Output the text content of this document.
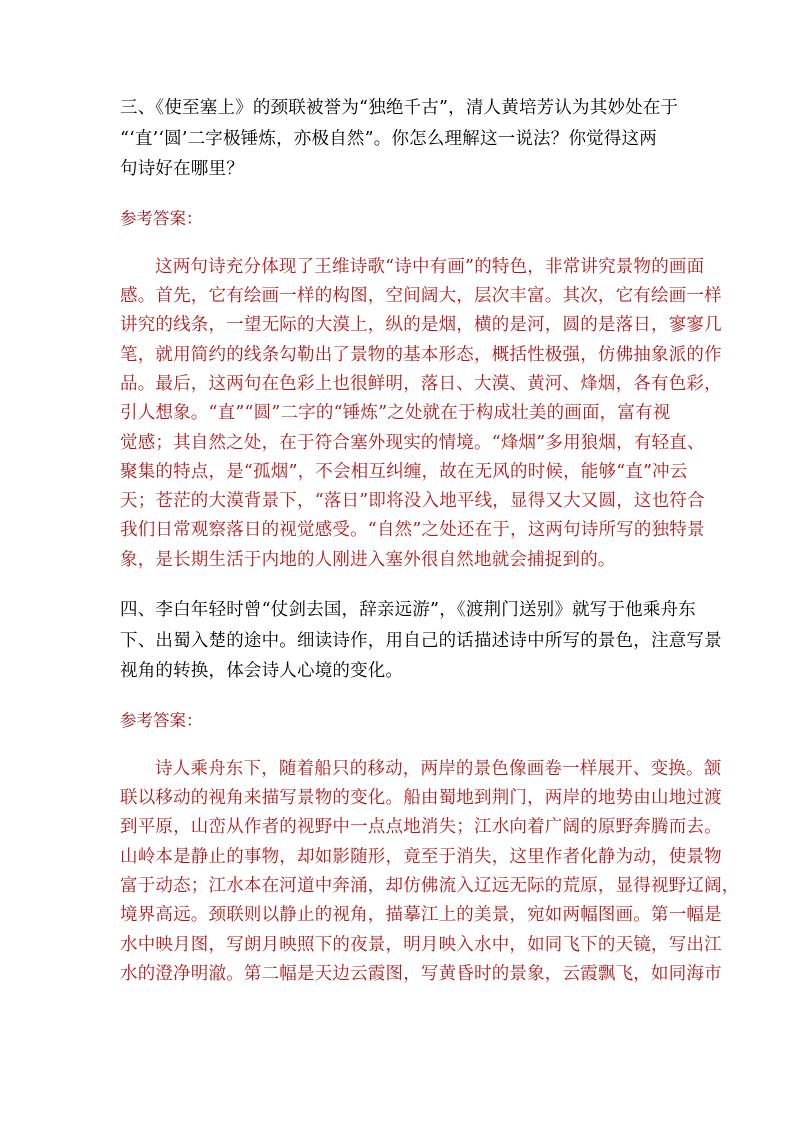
三、《使至塞上》的颈联被誉为“独绝千古”，清人黄培芳认为其妙处在于
“‘直’‘圆’二字极锤炼，亦极自然”。你怎么理解这一说法？你觉得这两
句诗好在哪里？

参考答案：

这两句诗充分体现了王维诗歌“诗中有画”的特色，非常讲究景物的画面
感。首先，它有绘画一样的构图，空间阔大，层次丰富。其次，它有绘画一样
讲究的线条，一望无际的大漠上，纵的是烟，横的是河，圆的是落日，寥寥几
笔，就用简约的线条勾勒出了景物的基本形态，概括性极强，仿佛抽象派的作
品。最后，这两句在色彩上也很鲜明，落日、大漠、黄河、烽烟，各有色彩，
引人想象。“直”“圆”二字的“锤炼”之处就在于构成壮美的画面，富有视
觉感；其自然之处，在于符合塞外现实的情境。“烽烟”多用狼烟，有轻直、
聚集的特点，是“孤烟”，不会相互纠缠，故在无风的时候，能够“直”冲云
天；苍茫的大漠背景下，“落日”即将没入地平线，显得又大又圆，这也符合
我们日常观察落日的视觉感受。“自然”之处还在于，这两句诗所写的独特景
象，是长期生活于内地的人刚进入塞外很自然地就会捕捉到的。

四、李白年轻时曾“仗剑去国，辞亲远游”，《渡荆门送别》就写于他乘舟东
下、出蜀入楚的途中。细读诗作，用自己的话描述诗中所写的景色，注意写景
视角的转换，体会诗人心境的变化。

参考答案：

诗人乘舟东下，随着船只的移动，两岸的景色像画卷一样展开、变换。颔
联以移动的视角来描写景物的变化。船由蜀地到荆门，两岸的地势由山地过渡
到平原，山峦从作者的视野中一点点地消失；江水向着广阔的原野奔腾而去。
山岭本是静止的事物，却如影随形，竟至于消失，这里作者化静为动，使景物
富于动态；江水本在河道中奔涌，却仿佛流入辽远无际的荒原，显得视野辽阔，
境界高远。颈联则以静止的视角，描摹江上的美景，宛如两幅图画。第一幅是
水中映月图，写朗月映照下的夜景，明月映入水中，如同飞下的天镜，写出江
水的澄净明澈。第二幅是天边云霞图，写黄昏时的景象，云霞飘飞，如同海市
